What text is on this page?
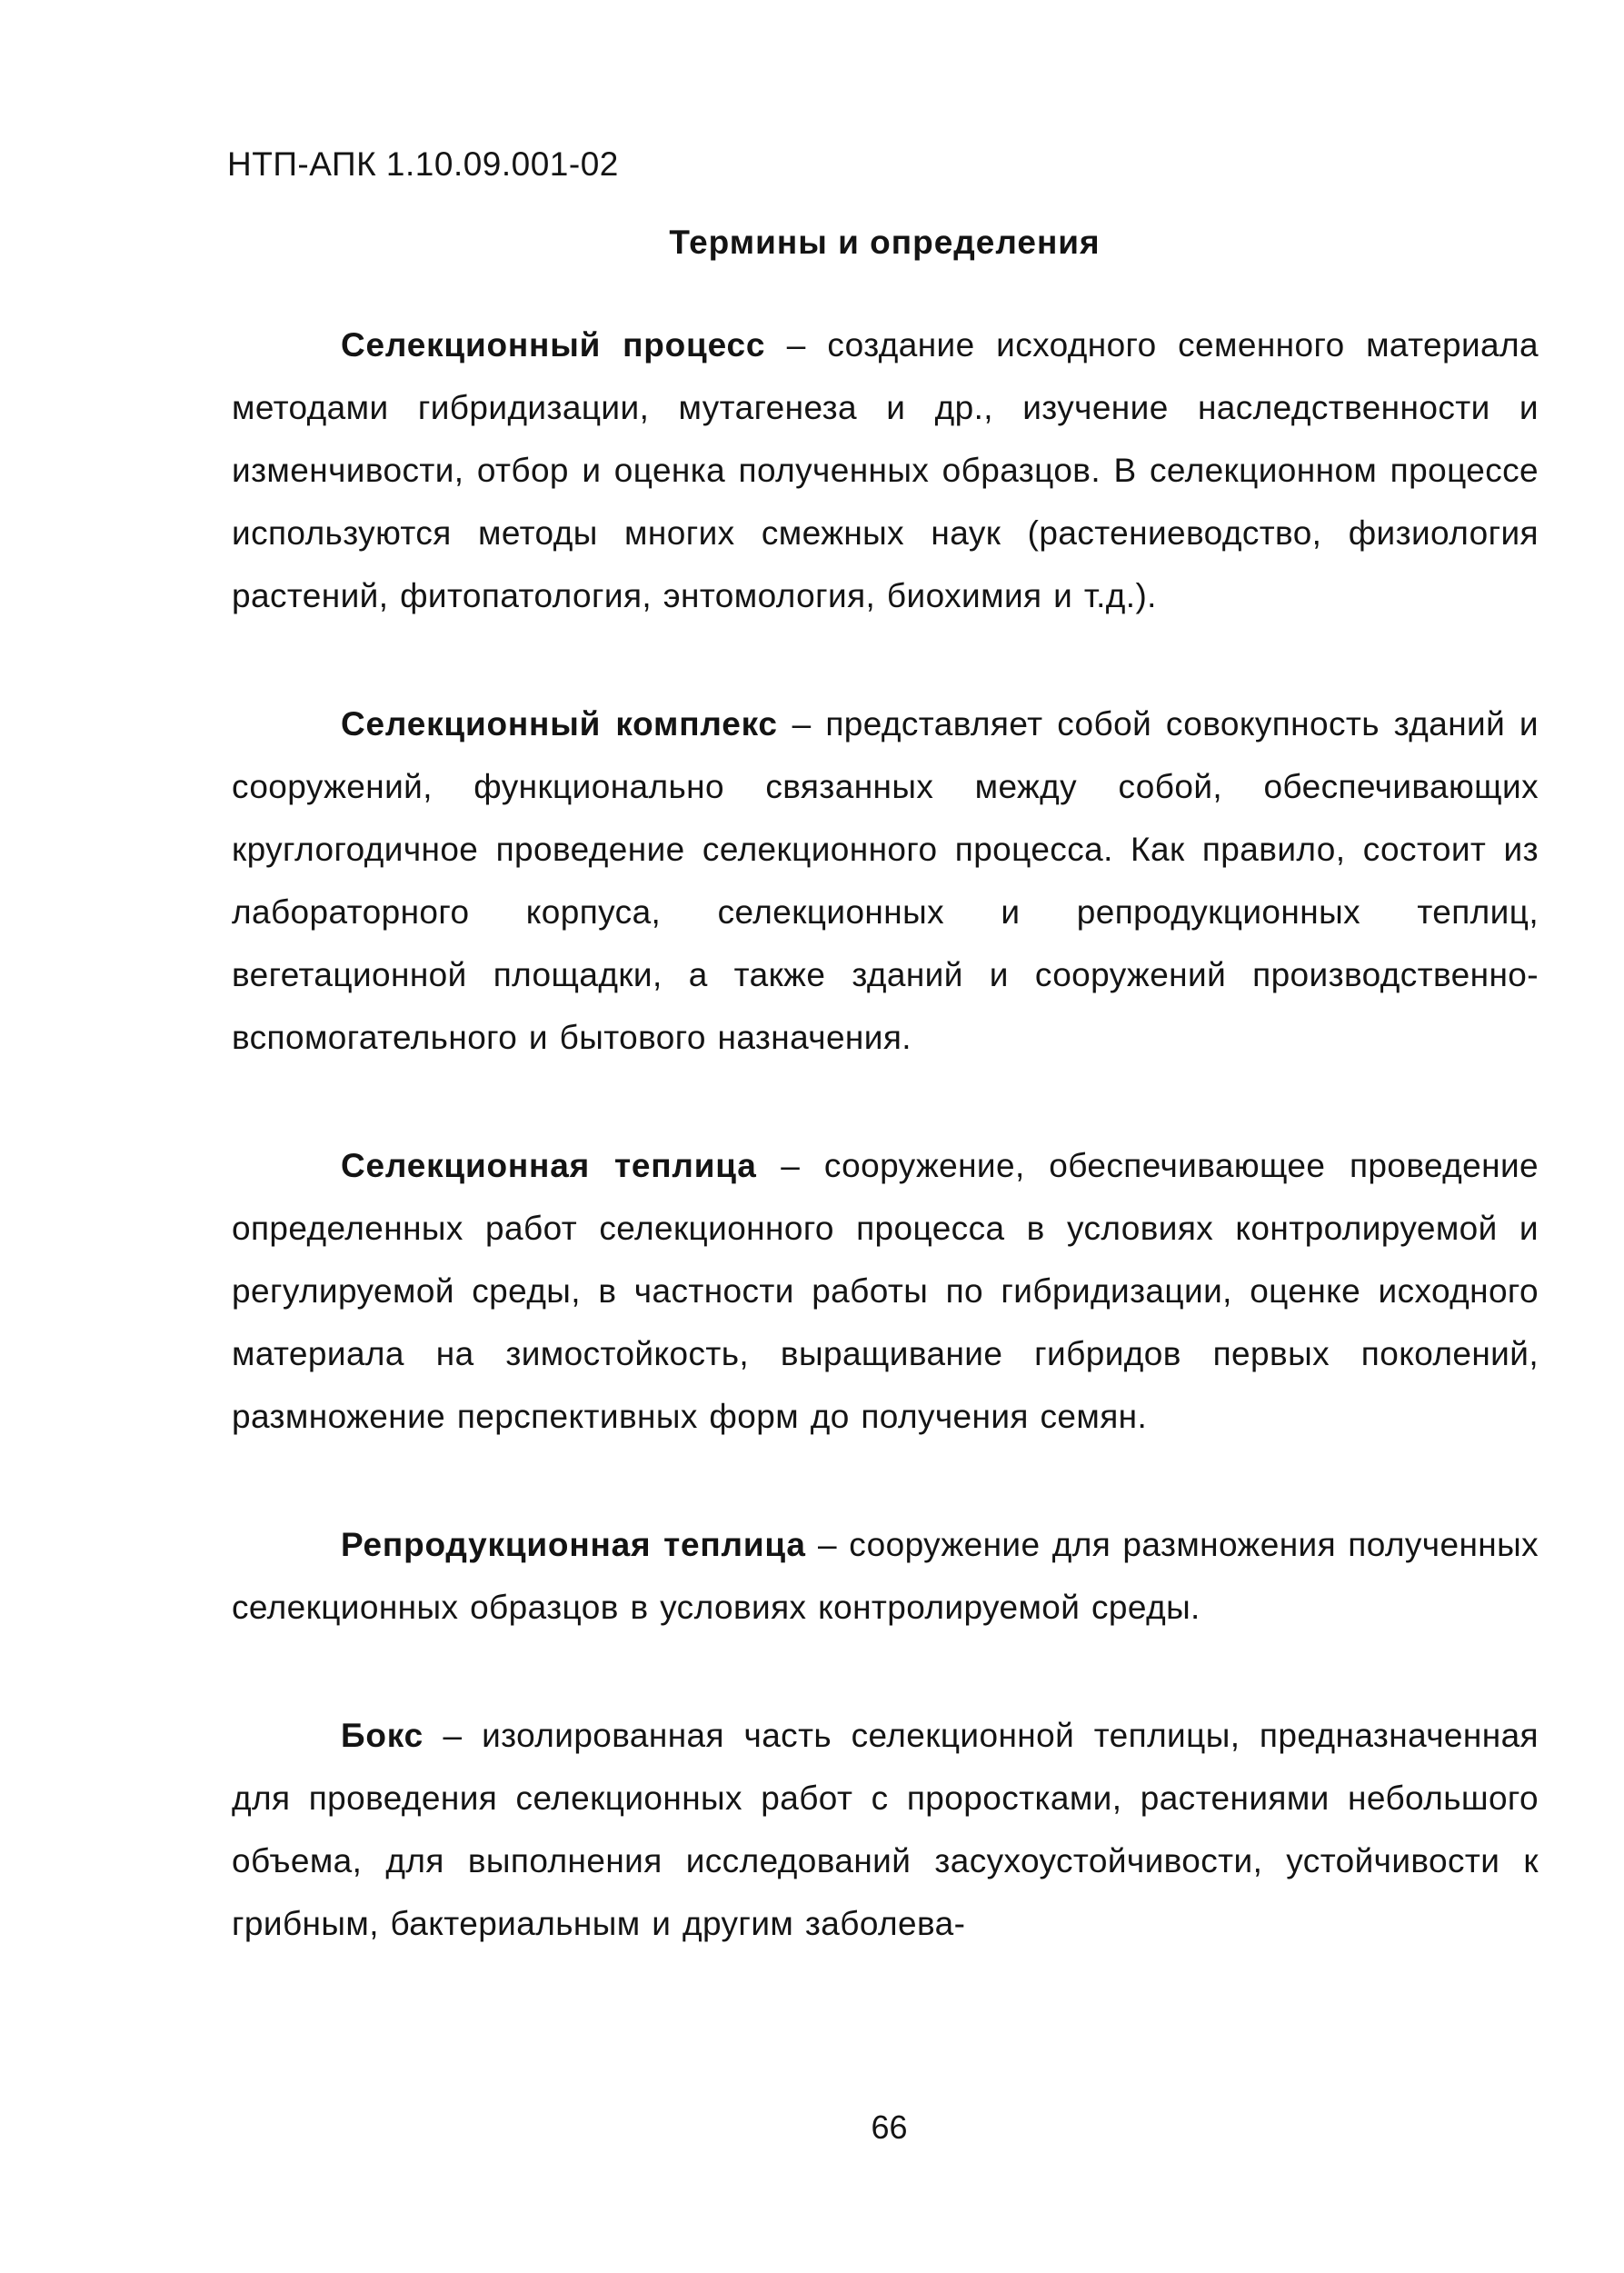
НТП-АПК 1.10.09.001-02
Термины и определения

Селекционный процесс – создание исходного семенного материала методами гибридизации, мутагенеза и др., изучение наследственности и изменчивости, отбор и оценка полученных образцов. В селекционном процессе используются методы многих смежных наук (растениеводство, физиология растений, фитопатология, энтомология, биохимия и т.д.).

Селекционный комплекс – представляет собой совокупность зданий и сооружений, функционально связанных между собой, обеспечивающих круглогодичное проведение селекционного процесса. Как правило, состоит из лабораторного корпуса, селекционных и репродукционных теплиц, вегетационной площадки, а также зданий и сооружений производственно-вспомогательного и бытового назначения.

Селекционная теплица – сооружение, обеспечивающее проведение определенных работ селекционного процесса в условиях контролируемой и регулируемой среды, в частности работы по гибридизации, оценке исходного материала на зимостойкость, выращивание гибридов первых поколений, размножение перспективных форм до получения семян.

Репродукционная теплица – сооружение для размножения полученных селекционных образцов в условиях контролируемой среды.

Бокс – изолированная часть селекционной теплицы, предназначенная для проведения селекционных работ с проростками, растениями небольшого объема, для выполнения исследований засухоустойчивости, устойчивости к грибным, бактериальным и другим заболева-

66
